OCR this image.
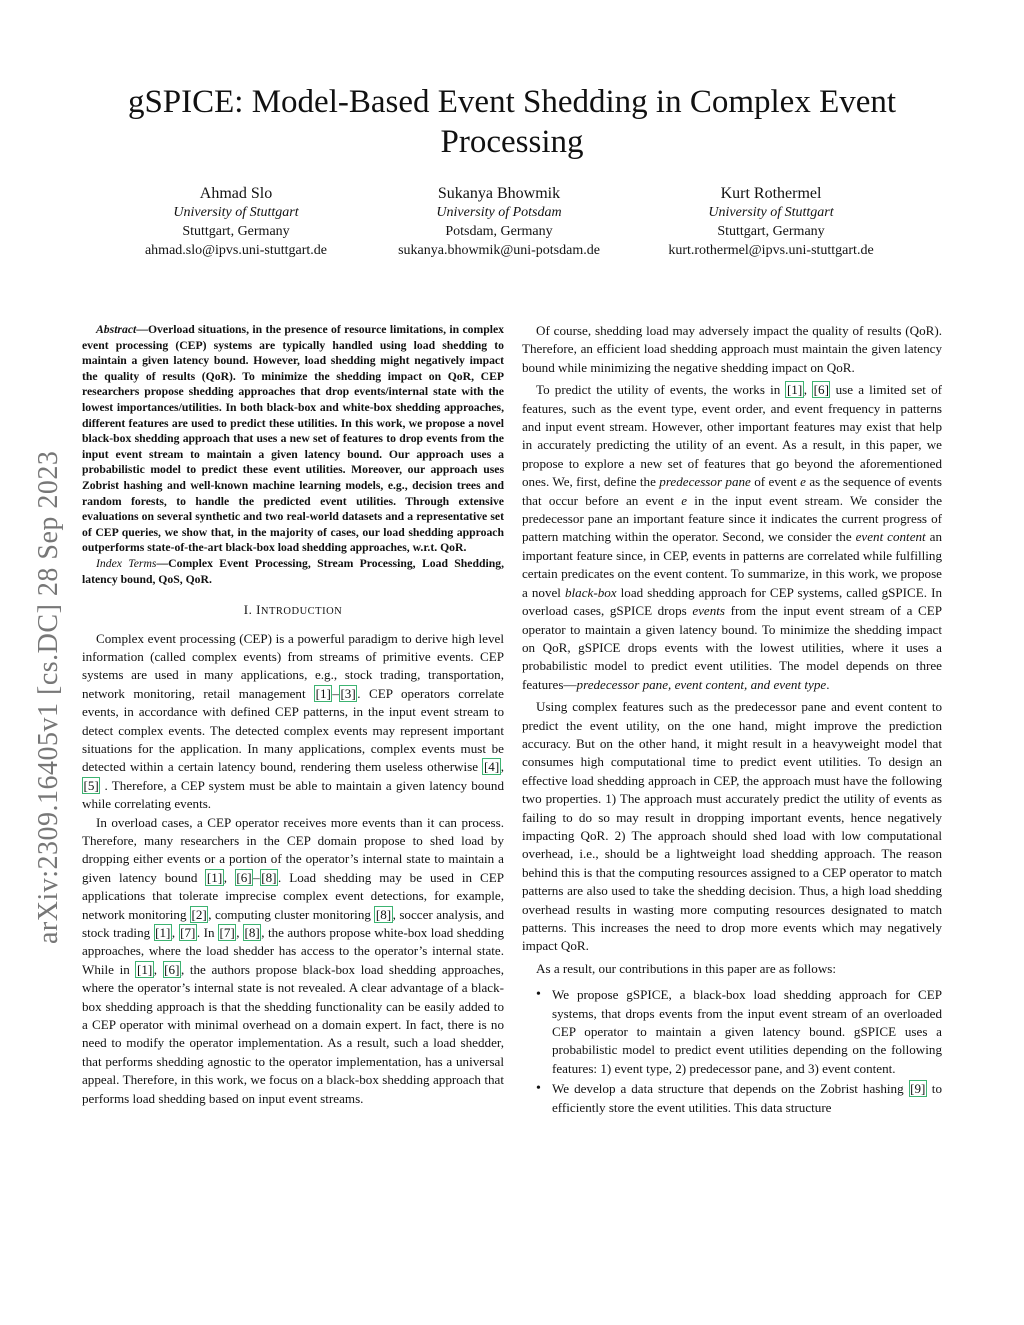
gSPICE: Model-Based Event Shedding in Complex Event Processing
Ahmad Slo
University of Stuttgart
Stuttgart, Germany
ahmad.slo@ipvs.uni-stuttgart.de
Sukanya Bhowmik
University of Potsdam
Potsdam, Germany
sukanya.bhowmik@uni-potsdam.de
Kurt Rothermel
University of Stuttgart
Stuttgart, Germany
kurt.rothermel@ipvs.uni-stuttgart.de
arXiv:2309.16405v1 [cs.DC] 28 Sep 2023

Abstract—Overload situations, in the presence of resource limitations, in complex event processing (CEP) systems are typically handled using load shedding to maintain a given latency bound. However, load shedding might negatively impact the quality of results (QoR). To minimize the shedding impact on QoR, CEP researchers propose shedding approaches that drop events/internal state with the lowest importances/utilities. In both black-box and white-box shedding approaches, different features are used to predict these utilities. In this work, we propose a novel black-box shedding approach that uses a new set of features to drop events from the input event stream to maintain a given latency bound. Our approach uses a probabilistic model to predict these event utilities. Moreover, our approach uses Zobrist hashing and well-known machine learning models, e.g., decision trees and random forests, to handle the predicted event utilities. Through extensive evaluations on several synthetic and two real-world datasets and a representative set of CEP queries, we show that, in the majority of cases, our load shedding approach outperforms state-of-the-art black-box load shedding approaches, w.r.t. QoR.

Index Terms—Complex Event Processing, Stream Processing, Load Shedding, latency bound, QoS, QoR.

I. INTRODUCTION

Complex event processing (CEP) is a powerful paradigm to derive high level information (called complex events) from streams of primitive events. CEP systems are used in many applications, e.g., stock trading, transportation, network monitoring, retail management [1] – [3] . CEP operators correlate events, in accordance with defined CEP patterns, in the input event stream to detect complex events. The detected complex events may represent important situations for the application. In many applications, complex events must be detected within a certain latency bound, rendering them useless otherwise [4] , [5] . Therefore, a CEP system must be able to maintain a given latency bound while correlating events.

In overload cases, a CEP operator receives more events than it can process. Therefore, many researchers in the CEP domain propose to shed load by dropping either events or a portion of the operator’s internal state to maintain a given latency bound [1] , [6] – [8] . Load shedding may be used in CEP applications that tolerate imprecise complex event detections, for example, network monitoring [2] , computing cluster monitoring [8] , soccer analysis, and stock trading [1] , [7] . In [7] , [8] , the authors propose white-box load shedding approaches, where the load shedder has access to the operator’s internal state. While in [1] , [6] , the authors propose black-box load shedding approaches, where the operator’s internal state is not revealed. A clear advantage of a black-box shedding approach is that the shedding functionality can be easily added to a CEP operator with minimal overhead on a domain expert. In fact, there is no need to modify the operator implementation. As a result, such a load shedder, that performs shedding agnostic to the operator implementation, has a universal appeal. Therefore, in this work, we focus on a black-box shedding approach that performs load shedding based on input event streams.

Of course, shedding load may adversely impact the quality of results (QoR). Therefore, an efficient load shedding approach must maintain the given latency bound while minimizing the negative shedding impact on QoR.

To predict the utility of events, the works in [1] , [6] use a limited set of features, such as the event type, event order, and event frequency in patterns and input event stream. However, other important features may exist that help in accurately predicting the utility of an event. As a result, in this paper, we propose to explore a new set of features that go beyond the aforementioned ones. We, first, define the predecessor pane of event e as the sequence of events that occur before an event e in the input event stream. We consider the predecessor pane an important feature since it indicates the current progress of pattern matching within the operator. Second, we consider the event content an important feature since, in CEP, events in patterns are correlated while fulfilling certain predicates on the event content. To summarize, in this work, we propose a novel black-box load shedding approach for CEP systems, called gSPICE. In overload cases, gSPICE drops events from the input event stream of a CEP operator to maintain a given latency bound. To minimize the shedding impact on QoR, gSPICE drops events with the lowest utilities, where it uses a probabilistic model to predict event utilities. The model depends on three features—predecessor pane, event content, and event type.

Using complex features such as the predecessor pane and event content to predict the event utility, on the one hand, might improve the prediction accuracy. But on the other hand, it might result in a heavyweight model that consumes high computational time to predict event utilities. To design an effective load shedding approach in CEP, the approach must have the following two properties. 1) The approach must accurately predict the utility of events as failing to do so may result in dropping important events, hence negatively impacting QoR. 2) The approach should shed load with low computational overhead, i.e., should be a lightweight load shedding approach. The reason behind this is that the computing resources assigned to a CEP operator to match patterns are also used to take the shedding decision. Thus, a high load shedding overhead results in wasting more computing resources designated to match patterns. This increases the need to drop more events which may negatively impact QoR.

As a result, our contributions in this paper are as follows:

• We propose gSPICE, a black-box load shedding approach for CEP systems, that drops events from the input event stream of an overloaded CEP operator to maintain a given latency bound. gSPICE uses a probabilistic model to predict event utilities depending on the following features: 1) event type, 2) predecessor pane, and 3) event content.
• We develop a data structure that depends on the Zobrist hashing [9] to efficiently store the event utilities. This data structure
